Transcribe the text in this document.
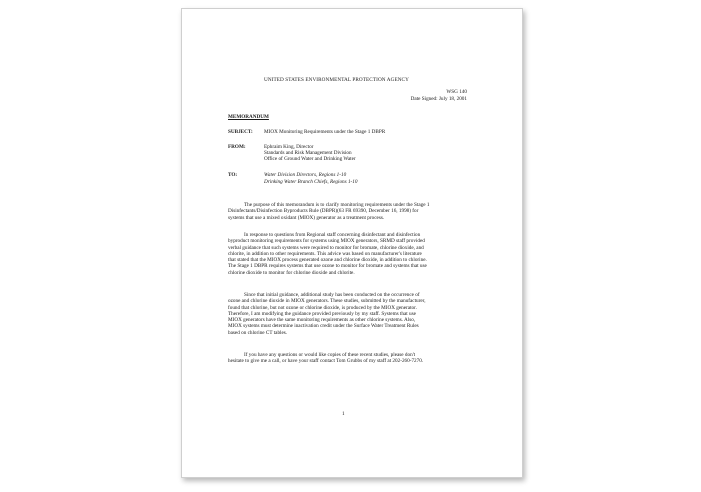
UNITED STATES ENVIRONMENTAL PROTECTION AGENCY
WSG 140
Date Signed: July 18, 2001
MEMORANDUM
SUBJECT: MIOX Monitoring Requirements under the Stage 1 DBPR
FROM:	Ephraim King, Director
Standards and Risk Management Division
Office of Ground Water and Drinking Water
TO:	Water Division Directors, Regions 1-10
Drinking Water Branch Chiefs, Regions 1-10
The purpose of this memorandum is to clarify monitoring requirements under the Stage 1
Disinfectants/Disinfection Byproducts Rule (DBPR)(63 FR 69390, December 16, 1998) for
systems that use a mixed oxidant (MIOX) generator as a treatment process.
In response to questions from Regional staff concerning disinfectant and disinfection
byproduct monitoring requirements for systems using MIOX generators, SRMD staff provided
verbal guidance that such systems were required to monitor for bromate, chlorine dioxide, and
chlorite, in addition to other requirements. This advice was based on manufacturer's literature
that stated that the MIOX process generated ozone and chlorine dioxide, in addition to chlorine.
The Stage 1 DBPR requires systems that use ozone to monitor for bromate and systems that use
chlorine dioxide to monitor for chlorine dioxide and chlorite.
Since that initial guidance, additional study has been conducted on the occurrence of
ozone and chlorine dioxide in MIOX generators. These studies, submitted by the manufacturer,
found that chlorine, but not ozone or chlorine dioxide, is produced by the MIOX generator.
Therefore, I am modifying the guidance provided previously by my staff. Systems that use
MIOX generators have the same monitoring requirements as other chlorine systems. Also,
MIOX systems must determine inactivation credit under the Surface Water Treatment Rules
based on chlorine CT tables.
If you have any questions or would like copies of these recent studies, please don't
hesitate to give me a call, or have your staff contact Tom Grubbs of my staff at 202-260-7270.
1
